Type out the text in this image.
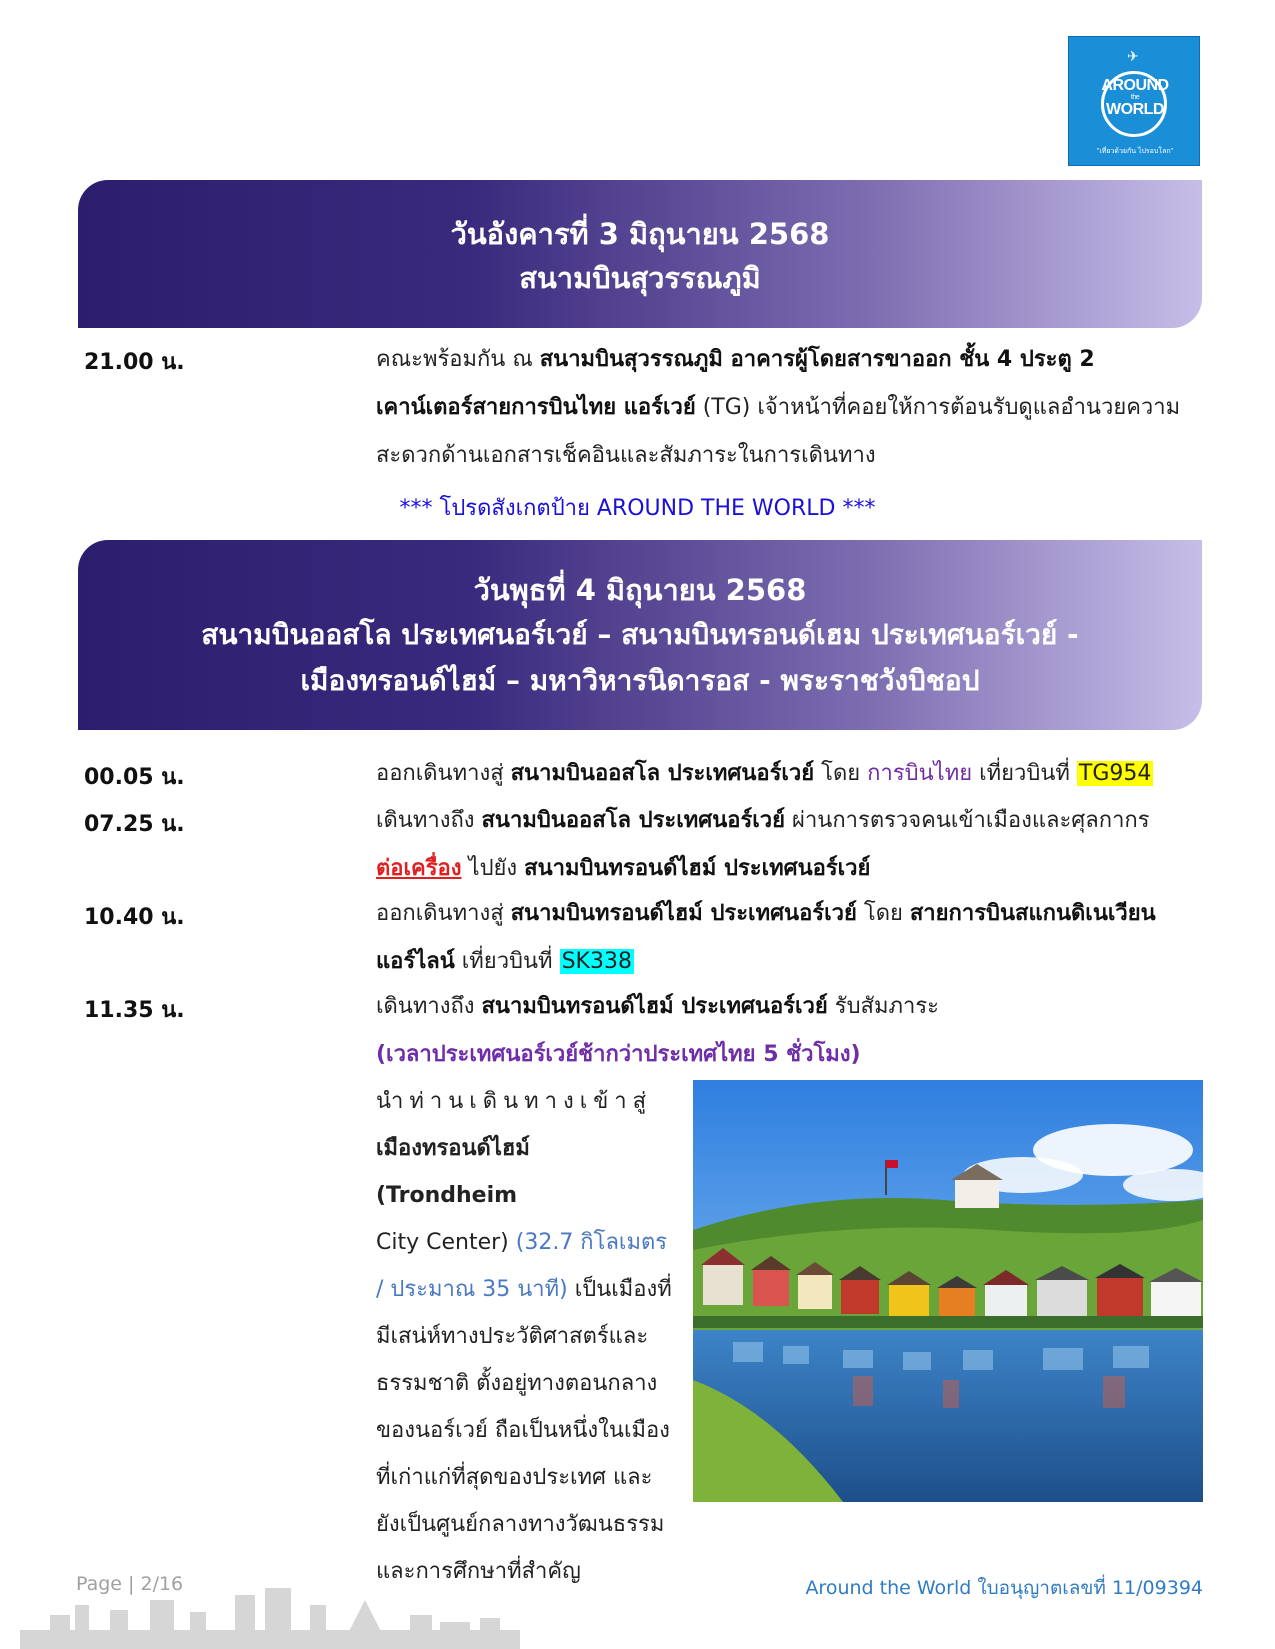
✈
AROUND
the
WORLD
"เที่ยวด้วยกัน ไปรอบโลก"
วันอังคารที่ 3 มิถุนายน 2568
สนามบินสุวรรณภูมิ
21.00 น.	คณะพร้อมกัน ณ สนามบินสุวรรณภูมิ อาคารผู้โดยสารขาออก ชั้น 4 ประตู 2
เคาน์เตอร์สายการบินไทย แอร์เวย์ (TG) เจ้าหน้าที่คอยให้การต้อนรับดูแลอำนวยความ
สะดวกด้านเอกสารเช็คอินและสัมภาระในการเดินทาง
*** โปรดสังเกตป้าย AROUND THE WORLD ***
วันพุธที่ 4 มิถุนายน 2568
สนามบินออสโล ประเทศนอร์เวย์ – สนามบินทรอนด์เฮม ประเทศนอร์เวย์ -
เมืองทรอนด์ไฮม์ – มหาวิหารนิดารอส - พระราชวังบิชอป
00.05 น.	ออกเดินทางสู่ สนามบินออสโล ประเทศนอร์เวย์ โดย การบินไทย เที่ยวบินที่ TG954
07.25 น.	เดินทางถึง สนามบินออสโล ประเทศนอร์เวย์ ผ่านการตรวจคนเข้าเมืองและศุลกากร
ต่อเครื่อง ไปยัง สนามบินทรอนด์ไฮม์ ประเทศนอร์เวย์
10.40 น.	ออกเดินทางสู่ สนามบินทรอนด์ไฮม์ ประเทศนอร์เวย์ โดย สายการบินสแกนดิเนเวียน
แอร์ไลน์ เที่ยวบินที่ SK338
11.35 น.	เดินทางถึง สนามบินทรอนด์ไฮม์ ประเทศนอร์เวย์ รับสัมภาระ
(เวลาประเทศนอร์เวย์ช้ากว่าประเทศไทย 5 ชั่วโมง)
นำท่านเดินทางเข้าสู่
เมืองทรอนด์ไฮม์ (Trondheim
City Center) (32.7 กิโลเมตร
/ ประมาณ 35 นาที) เป็นเมืองที่
มีเสน่ห์ทางประวัติศาสตร์และ
ธรรมชาติ ตั้งอยู่ทางตอนกลาง
ของนอร์เวย์ ถือเป็นหนึ่งในเมือง
ที่เก่าแก่ที่สุดของประเทศ และ
ยังเป็นศูนย์กลางทางวัฒนธรรม
และการศึกษาที่สำคัญ
Page | 2/16	Around the World ใบอนุญาตเลขที่ 11/09394
